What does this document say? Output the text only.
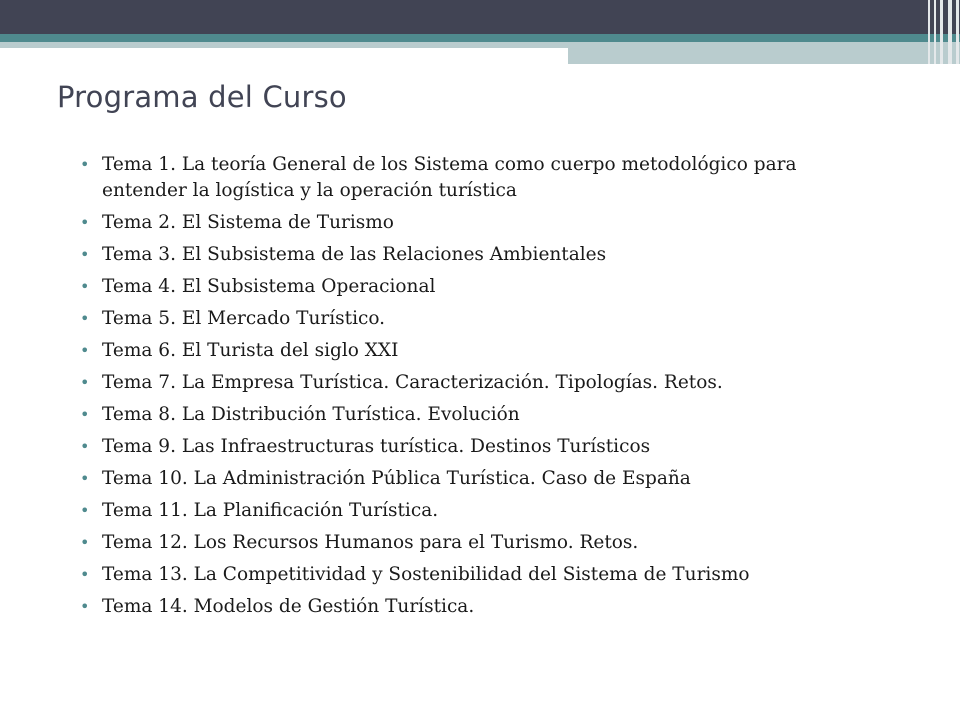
Programa del Curso
• Tema 1. La teoría General de los Sistema como cuerpo metodológico para entender la logística y la operación turística
• Tema 2. El Sistema de Turismo
• Tema 3. El Subsistema de las Relaciones Ambientales
• Tema 4. El Subsistema Operacional
• Tema 5. El Mercado Turístico.
• Tema 6. El Turista del siglo XXI
• Tema 7. La Empresa Turística. Caracterización. Tipologías. Retos.
• Tema 8. La Distribución Turística. Evolución
• Tema 9. Las Infraestructuras turística. Destinos Turísticos
• Tema 10. La Administración Pública Turística. Caso de España
• Tema 11. La Planificación Turística.
• Tema 12. Los Recursos Humanos para el Turismo. Retos.
• Tema 13. La Competitividad y Sostenibilidad del Sistema de Turismo
• Tema 14. Modelos de Gestión Turística.
